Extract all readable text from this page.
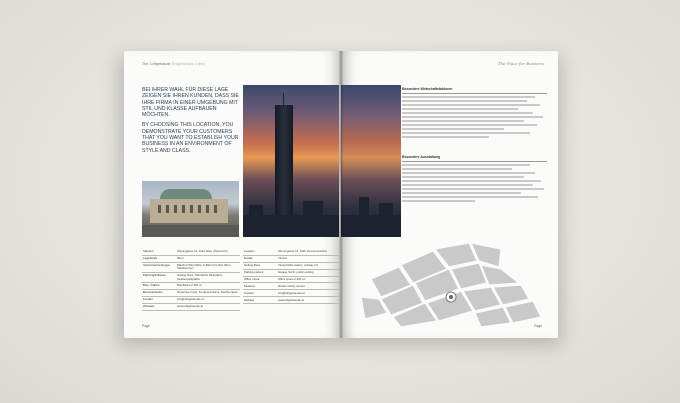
The Loftgebäude Erdgeschoss Lobby

BEI IHRER WAHL FÜR DIESE LAGE ZEIGEN SIE IHREN KUNDEN, DASS SIE IHRE FIRMA IN EINER UMGEBUNG MIT STIL UND KLASSE AUFBAUEN MÖCHTEN.

BY CHOOSING THIS LOCATION, YOU DEMONSTRATE YOUR CUSTOMERS THAT YOU WANT TO ESTABLISH YOUR BUSINESS IN AN ENVIRONMENT OF STYLE AND CLASS.

Standort	Wienergasse 14, 1010 Wien (Österreich)
Lagedetails	Wien
Verkehrsanbindungen	Bahnhof Wien Mitte, U-Bahn U4, Bus Wien Stadtzentrum
Parkmöglichkeiten	Garage Nord, Öffentliche Parkplätze, Straßenparkplätze
Büro / Fläche	Bürofläche 2.300 m²
Besonderheiten	Modernes Foyer, Konferenzräume, Dachterrasse
Kontakt	info@loftgebaeude.at
Webseite	www.loftgebaeude.at
Location	Wienergasse 14, 1010 Vienna (Austria)
Details	Vienna
Getting there	Vienna Mitte station, subway U4
Parking options	Garage North, public parking
Office / Area	Office space 2,300 m²
Features	Modern lobby, terrace
Contact	info@loftgebaeude.at
Website	www.loftgebaeude.at
Page
The Place for Business
Besondere Wirtschaftsfaktoren
Besondere Ausstattung
Page
